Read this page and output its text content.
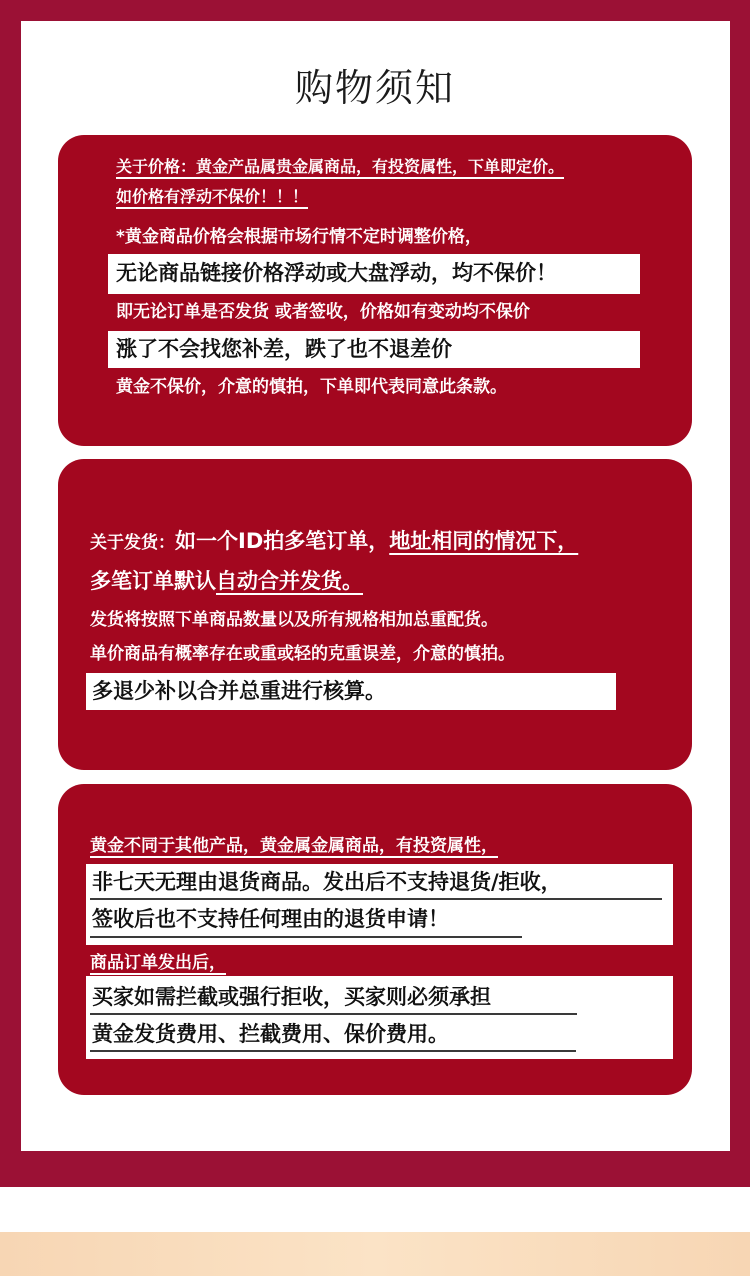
购物须知
关于价格：黄金产品属贵金属商品，有投资属性，下单即定价。
如价格有浮动不保价！！！
*黄金商品价格会根据市场行情不定时调整价格，
无论商品链接价格浮动或大盘浮动，均不保价！
即无论订单是否发货 或者签收，价格如有变动均不保价
涨了不会找您补差，跌了也不退差价
黄金不保价，介意的慎拍，下单即代表同意此条款。
关于发货：如一个ID拍多笔订单，地址相同的情况下，
多笔订单默认自动合并发货。
发货将按照下单商品数量以及所有规格相加总重配货。
单价商品有概率存在或重或轻的克重误差，介意的慎拍。
多退少补以合并总重进行核算。
黄金不同于其他产品，黄金属金属商品，有投资属性，
非七天无理由退货商品。发出后不支持退货/拒收，
签收后也不支持任何理由的退货申请！
商品订单发出后，
买家如需拦截或强行拒收，买家则必须承担
黄金发货费用、拦截费用、保价费用。
